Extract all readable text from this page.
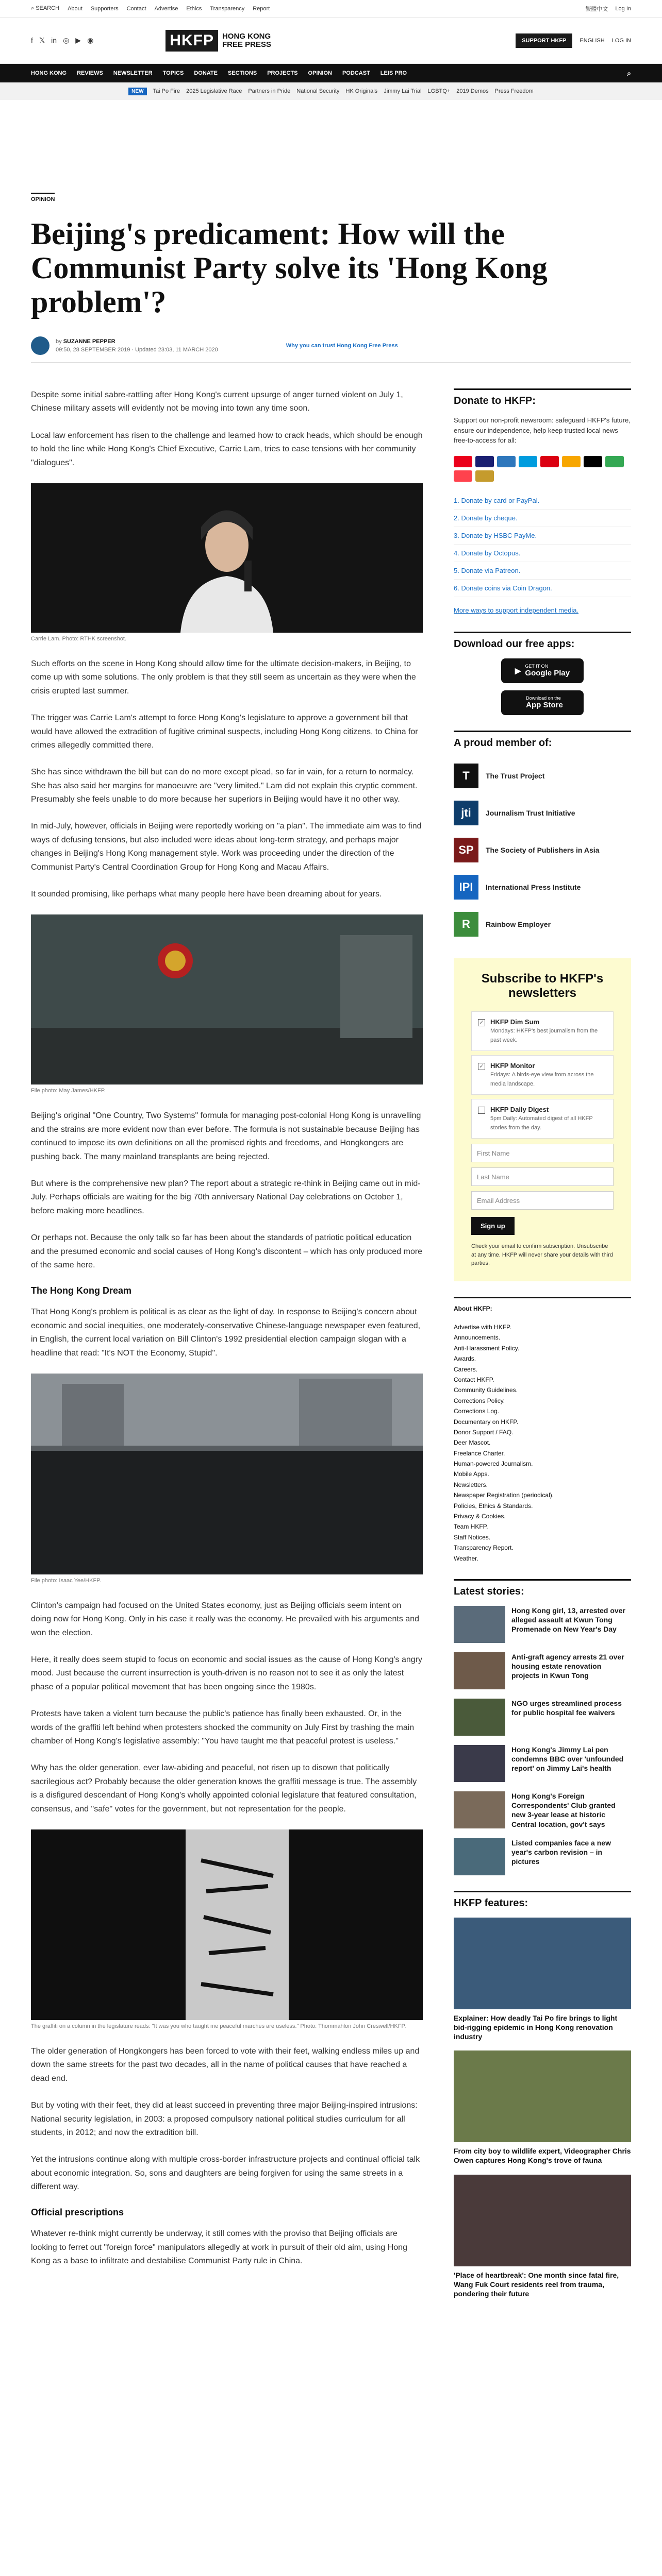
⌕ SEARCH About Supporters Contact Advertise Ethics Transparency Report	繁體中文 Log In
f 𝕏 in ◎ ▶ ◉	HKFP	HONG KONG
FREE PRESS	SUPPORT HKFP	ENGLISH LOG IN
HONG KONG REVIEWS NEWSLETTER TOPICS DONATE SECTIONS PROJECTS OPINION PODCAST LEIS PRO	⌕
NEW	Tai Po Fire 2025 Legislative Race Partners in Pride National Security HK Originals Jimmy Lai Trial LGBTQ+ 2019 Demos Press Freedom
OPINION
Beijing's predicament: How will the Communist Party solve its 'Hong Kong problem'?
by SUZANNE PEPPER
09:50, 28 SEPTEMBER 2019 · Updated 23:03, 11 MARCH 2020
Why you can trust Hong Kong Free Press

Despite some initial sabre-rattling after Hong Kong's current upsurge of anger turned violent on July 1, Chinese military assets will evidently not be moving into town any time soon.

Local law enforcement has risen to the challenge and learned how to crack heads, which should be enough to hold the line while Hong Kong's Chief Executive, Carrie Lam, tries to ease tensions with her community "dialogues".

Carrie Lam. Photo: RTHK screenshot.

Such efforts on the scene in Hong Kong should allow time for the ultimate decision-makers, in Beijing, to come up with some solutions. The only problem is that they still seem as uncertain as they were when the crisis erupted last summer.

The trigger was Carrie Lam's attempt to force Hong Kong's legislature to approve a government bill that would have allowed the extradition of fugitive criminal suspects, including Hong Kong citizens, to China for crimes allegedly committed there.

She has since withdrawn the bill but can do no more except plead, so far in vain, for a return to normalcy. She has also said her margins for manoeuvre are "very limited." Lam did not explain this cryptic comment. Presumably she feels unable to do more because her superiors in Beijing would have it no other way.

In mid-July, however, officials in Beijing were reportedly working on "a plan". The immediate aim was to find ways of defusing tensions, but also included were ideas about long-term strategy, and perhaps major changes in Beijing's Hong Kong management style. Work was proceeding under the direction of the Communist Party's Central Coordination Group for Hong Kong and Macau Affairs.

It sounded promising, like perhaps what many people here have been dreaming about for years.

File photo: May James/HKFP.

Beijing's original "One Country, Two Systems" formula for managing post-colonial Hong Kong is unravelling and the strains are more evident now than ever before. The formula is not sustainable because Beijing has continued to impose its own definitions on all the promised rights and freedoms, and Hongkongers are pushing back. The many mainland transplants are being rejected.

But where is the comprehensive new plan? The report about a strategic re-think in Beijing came out in mid-July. Perhaps officials are waiting for the big 70th anniversary National Day celebrations on October 1, before making more headlines.

Or perhaps not. Because the only talk so far has been about the standards of patriotic political education and the presumed economic and social causes of Hong Kong's discontent – which has only produced more of the same here.

The Hong Kong Dream

That Hong Kong's problem is political is as clear as the light of day. In response to Beijing's concern about economic and social inequities, one moderately-conservative Chinese-language newspaper even featured, in English, the current local variation on Bill Clinton's 1992 presidential election campaign slogan with a headline that read: "It's NOT the Economy, Stupid".

File photo: Isaac Yee/HKFP.

Clinton's campaign had focused on the United States economy, just as Beijing officials seem intent on doing now for Hong Kong. Only in his case it really was the economy. He prevailed with his arguments and won the election.

Here, it really does seem stupid to focus on economic and social issues as the cause of Hong Kong's angry mood. Just because the current insurrection is youth-driven is no reason not to see it as only the latest phase of a popular political movement that has been ongoing since the 1980s.

Protests have taken a violent turn because the public's patience has finally been exhausted. Or, in the words of the graffiti left behind when protesters shocked the community on July First by trashing the main chamber of Hong Kong's legislative assembly: "You have taught me that peaceful protest is useless."

Why has the older generation, ever law-abiding and peaceful, not risen up to disown that politically sacrilegious act? Probably because the older generation knows the graffiti message is true. The assembly is a disfigured descendant of Hong Kong's wholly appointed colonial legislature that featured consultation, consensus, and "safe" votes for the government, but not representation for the people.

The graffiti on a column in the legislature reads: "It was you who taught me peaceful marches are useless." Photo: Thommahlon John Creswell/HKFP.

The older generation of Hongkongers has been forced to vote with their feet, walking endless miles up and down the same streets for the past two decades, all in the name of political causes that have reached a dead end.

But by voting with their feet, they did at least succeed in preventing three major Beijing-inspired intrusions: National security legislation, in 2003: a proposed compulsory national political studies curriculum for all students, in 2012; and now the extradition bill.

Yet the intrusions continue along with multiple cross-border infrastructure projects and continual official talk about economic integration. So, sons and daughters are being forgiven for using the same streets in a different way.

Official prescriptions

Whatever re-think might currently be underway, it still comes with the proviso that Beijing officials are looking to ferret out "foreign force" manipulators allegedly at work in pursuit of their old aim, using Hong Kong as a base to infiltrate and destabilise Communist Party rule in China.

Donate to HKFP:

Support our non-profit newsroom: safeguard HKFP's future, ensure our independence, help keep trusted local news free-to-access for all:

1. Donate by card or PayPal.
2. Donate by cheque.
3. Donate by HSBC PayMe.
4. Donate by Octopus.
5. Donate via Patreon.
6. Donate coins via Coin Dragon.
More ways to support independent media.
Download our free apps:
▶
GET IT ON
Google Play
Download on the
App Store
A proud member of:
T	The Trust Project
jti	Journalism Trust Initiative
SP	The Society of Publishers in Asia
IPI	International Press Institute
R	Rainbow Employer
Subscribe to HKFP's newsletters
✓ HKFP Dim Sum
Mondays: HKFP's best journalism from the past week.
✓ HKFP Monitor
Fridays: A birds-eye view from across the media landscape.
HKFP Daily Digest
5pm Daily: Automated digest of all HKFP stories from the day.
First Name
Last Name
Email Address
Sign up
Check your email to confirm subscription. Unsubscribe at any time. HKFP will never share your details with third parties.
About HKFP:
Advertise with HKFP.
Announcements.
Anti-Harassment Policy.
Awards.
Careers.
Contact HKFP.
Community Guidelines.
Corrections Policy.
Corrections Log.
Documentary on HKFP.
Donor Support / FAQ.
Deer Mascot.
Freelance Charter.
Human-powered Journalism.
Mobile Apps.
Newsletters.
Newspaper Registration (periodical).
Policies, Ethics & Standards.
Privacy & Cookies.
Team HKFP.
Staff Notices.
Transparency Report.
Weather.
Latest stories:
Hong Kong girl, 13, arrested over alleged assault at Kwun Tong Promenade on New Year's Day
Anti-graft agency arrests 21 over housing estate renovation projects in Kwun Tong
NGO urges streamlined process for public hospital fee waivers
Hong Kong's Jimmy Lai pen condemns BBC over 'unfounded report' on Jimmy Lai's health
Hong Kong's Foreign Correspondents' Club granted new 3-year lease at historic Central location, gov't says
Listed companies face a new year's carbon revision – in pictures
HKFP features:
Explainer: How deadly Tai Po fire brings to light bid-rigging epidemic in Hong Kong renovation industry
From city boy to wildlife expert, Videographer Chris Owen captures Hong Kong's trove of fauna
'Place of heartbreak': One month since fatal fire, Wang Fuk Court residents reel from trauma, pondering their future
